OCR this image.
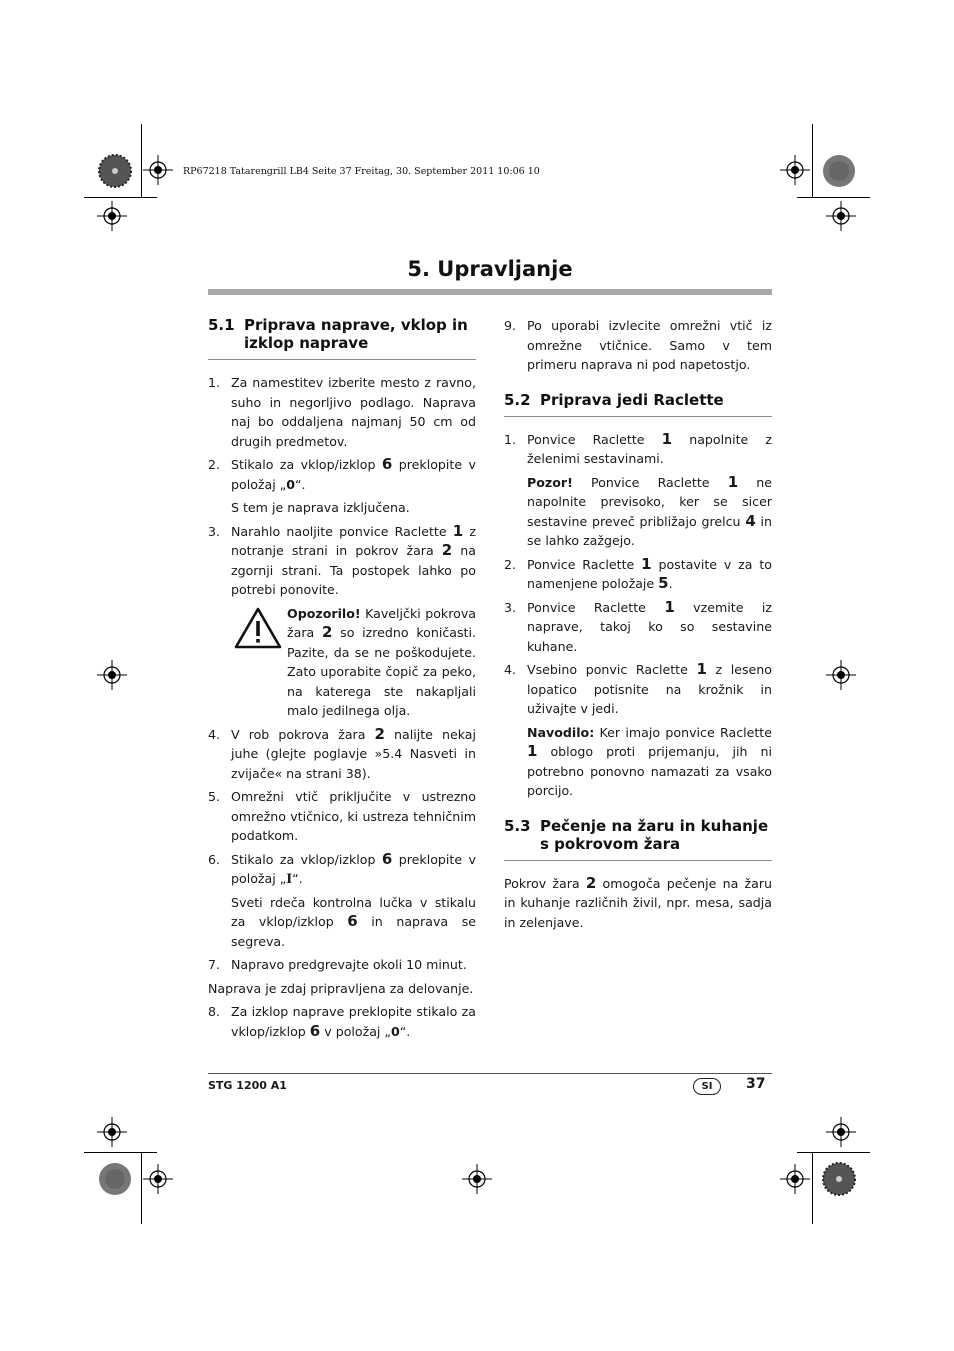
RP67218 Tatarengrill LB4 Seite 37 Freitag, 30. September 2011 10:06 10
5. Upravljanje
5.1 Priprava naprave, vklop in izklop naprave
1. Za namestitev izberite mesto z ravno, suho in negorljivo podlago. Naprava naj bo oddaljena najmanj 50 cm od drugih predmetov.
2. Stikalo za vklop/izklop 6 preklopite v položaj „0“.
S tem je naprava izključena.
3. Narahlo naoljite ponvice Raclette 1 z notranje strani in pokrov žara 2 na zgornji strani. Ta postopek lahko po potrebi ponovite.
Opozorilo! Kaveljčki pokrova žara 2 so izredno koničasti. Pazite, da se ne poškodujete. Zato uporabite čopič za peko, na katerega ste nakapljali malo jedilnega olja.
4. V rob pokrova žara 2 nalijte nekaj juhe (glejte poglavje »5.4 Nasveti in zvijače« na strani 38).
5. Omrežni vtič priključite v ustrezno omrežno vtičnico, ki ustreza tehničnim podatkom.
6. Stikalo za vklop/izklop 6 preklopite v položaj „I“.
Sveti rdeča kontrolna lučka v stikalu za vklop/izklop 6 in naprava se segreva.
7. Napravo predgrevajte okoli 10 minut.
Naprava je zdaj pripravljena za delovanje.
8. Za izklop naprave preklopite stikalo za vklop/izklop 6 v položaj „0“.
9. Po uporabi izvlecite omrežni vtič iz omrežne vtičnice. Samo v tem primeru naprava ni pod napetostjo.
5.2 Priprava jedi Raclette
1. Ponvice Raclette 1 napolnite z želenimi sestavinami.
Pozor! Ponvice Raclette 1 ne napolnite previsoko, ker se sicer sestavine preveč približajo grelcu 4 in se lahko zažgejo.
2. Ponvice Raclette 1 postavite v za to namenjene položaje 5.
3. Ponvice Raclette 1 vzemite iz naprave, takoj ko so sestavine kuhane.
4. Vsebino ponvic Raclette 1 z leseno lopatico potisnite na krožnik in uživajte v jedi.
Navodilo: Ker imajo ponvice Raclette 1 oblogo proti prijemanju, jih ni potrebno ponovno namazati za vsako porcijo.
5.3 Pečenje na žaru in kuhanje s pokrovom žara
Pokrov žara 2 omogoča pečenje na žaru in kuhanje različnih živil, npr. mesa, sadja in zelenjave.
STG 1200 A1	SI	37
